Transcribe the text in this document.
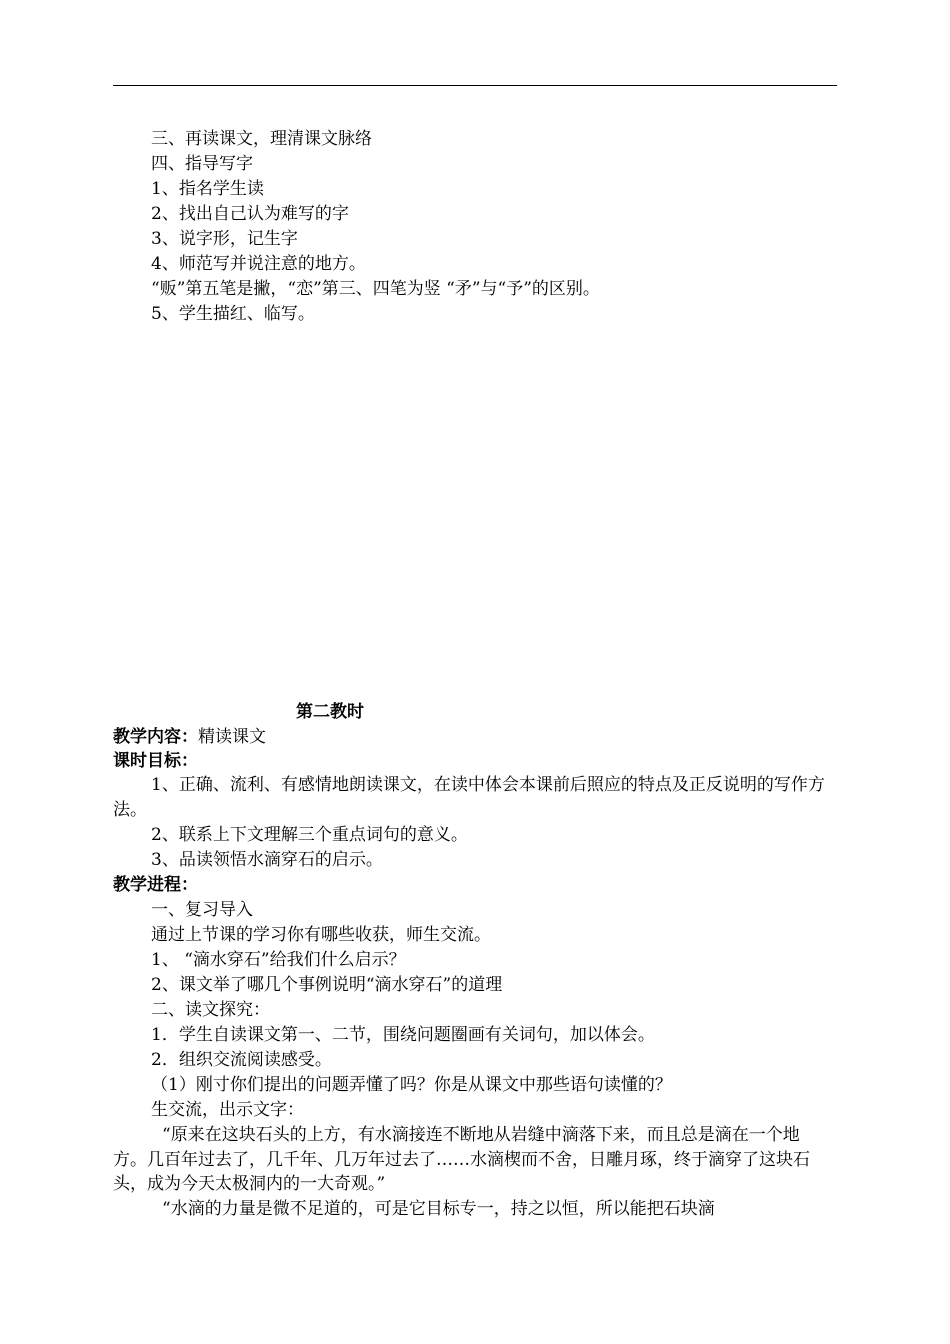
三、再读课文，理清课文脉络
四、指导写字
1、指名学生读
2、找出自己认为难写的字
3、说字形，记生字
4、师范写并说注意的地方。
“贩”第五笔是撇，“恋”第三、四笔为竖 “矛”与“予”的区别。
5、学生描红、临写。
第二教时
教学内容：精读课文
课时目标：
1、正确、流利、有感情地朗读课文，在读中体会本课前后照应的特点及正反说明的写作方法。
2、联系上下文理解三个重点词句的意义。
3、品读领悟水滴穿石的启示。
教学进程：
一、复习导入
通过上节课的学习你有哪些收获，师生交流。
1、 “滴水穿石”给我们什么启示？
2、课文举了哪几个事例说明“滴水穿石”的道理
二、读文探究：
1．学生自读课文第一、二节，围绕问题圈画有关词句，加以体会。
2．组织交流阅读感受。
（1）刚寸你们提出的问题弄懂了吗？你是从课文中那些语句读懂的？
生交流，出示文字：
“原来在这块石头的上方，有水滴接连不断地从岩缝中滴落下来，而且总是滴在一个地方。几百年过去了，几千年、几万年过去了……水滴楔而不舍，日雕月琢，终于滴穿了这块石头，成为今天太极洞内的一大奇观。”
“水滴的力量是微不足道的，可是它目标专一，持之以恒，所以能把石块滴
